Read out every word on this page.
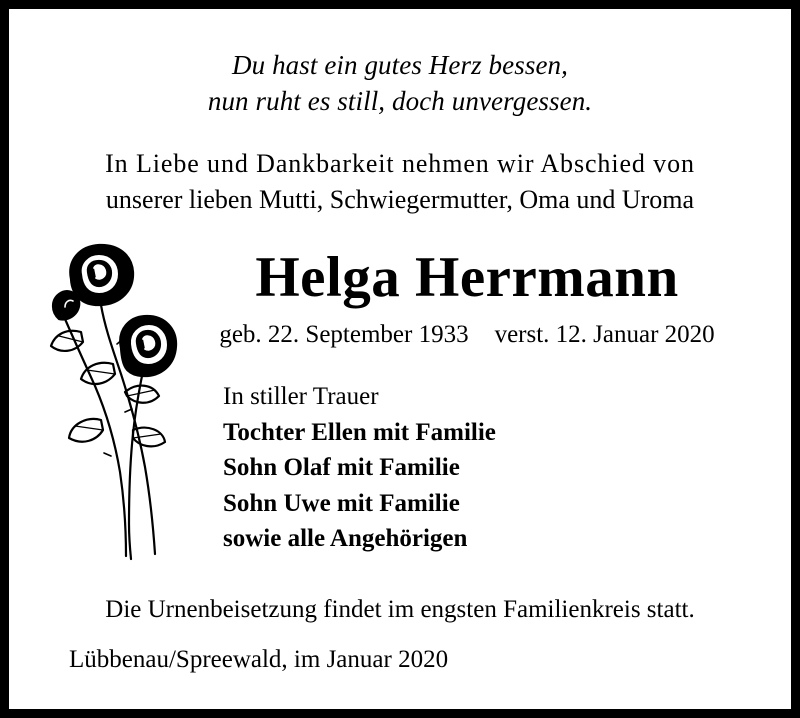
Du hast ein gutes Herz bessen,
nun ruht es still, doch unvergessen.
In Liebe und Dankbarkeit nehmen wir Abschied von
unserer lieben Mutti, Schwiegermutter, Oma und Uroma
Helga Herrmann
geb. 22. September 1933 verst. 12. Januar 2020
In stiller Trauer
Tochter Ellen mit Familie
Sohn Olaf mit Familie
Sohn Uwe mit Familie
sowie alle Angehörigen
Die Urnenbeisetzung findet im engsten Familienkreis statt.
Lübbenau/Spreewald, im Januar 2020
